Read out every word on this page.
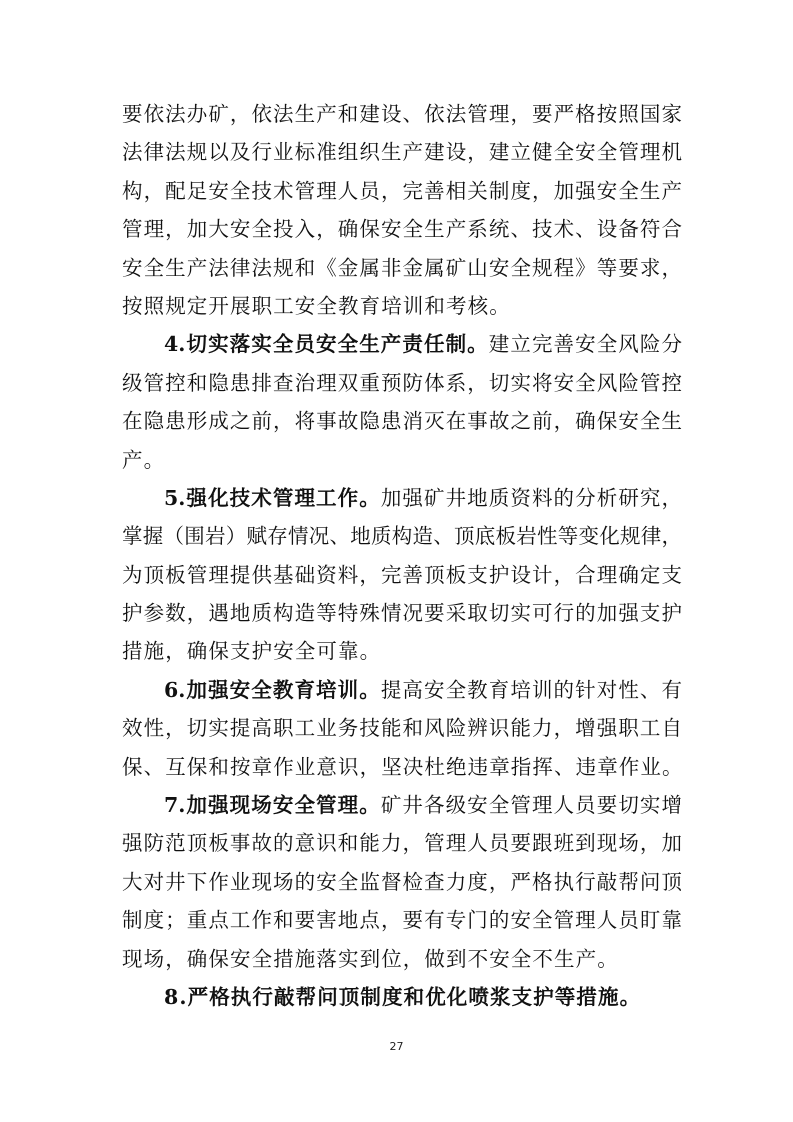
要依法办矿，依法生产和建设、依法管理，要严格按照国家
法律法规以及行业标准组织生产建设，建立健全安全管理机
构，配足安全技术管理人员，完善相关制度，加强安全生产
管理，加大安全投入，确保安全生产系统、技术、设备符合
安全生产法律法规和《金属非金属矿山安全规程》等要求，
按照规定开展职工安全教育培训和考核。
4.切实落实全员安全生产责任制。建立完善安全风险分
级管控和隐患排查治理双重预防体系，切实将安全风险管控
在隐患形成之前，将事故隐患消灭在事故之前，确保安全生
产。
5.强化技术管理工作。加强矿井地质资料的分析研究，
掌握（围岩）赋存情况、地质构造、顶底板岩性等变化规律，
为顶板管理提供基础资料，完善顶板支护设计，合理确定支
护参数，遇地质构造等特殊情况要采取切实可行的加强支护
措施，确保支护安全可靠。
6.加强安全教育培训。提高安全教育培训的针对性、有
效性，切实提高职工业务技能和风险辨识能力，增强职工自
保、互保和按章作业意识，坚决杜绝违章指挥、违章作业。
7.加强现场安全管理。矿井各级安全管理人员要切实增
强防范顶板事故的意识和能力，管理人员要跟班到现场，加
大对井下作业现场的安全监督检查力度，严格执行敲帮问顶
制度；重点工作和要害地点，要有专门的安全管理人员盯靠
现场，确保安全措施落实到位，做到不安全不生产。
8.严格执行敲帮问顶制度和优化喷浆支护等措施。
27
